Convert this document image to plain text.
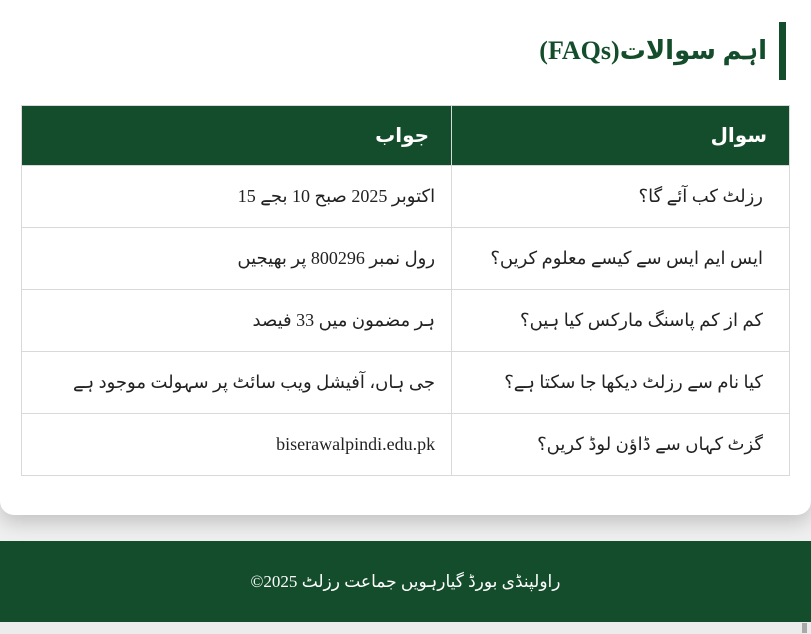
اہم سوالات(FAQs)
جواب	سوال
15 اکتوبر 2025 صبح 10 بجے	رزلٹ کب آئے گا؟
رول نمبر 800296 پر بھیجیں	ایس ایم ایس سے کیسے معلوم کریں؟
ہر مضمون میں 33 فیصد	کم از کم پاسنگ مارکس کیا ہیں؟
جی ہاں، آفیشل ویب سائٹ پر سہولت موجود ہے	کیا نام سے رزلٹ دیکھا جا سکتا ہے؟
biserawalpindi.edu.pk	گزٹ کہاں سے ڈاؤن لوڈ کریں؟
©2025 راولپنڈی بورڈ گیارہویں جماعت رزلٹ
